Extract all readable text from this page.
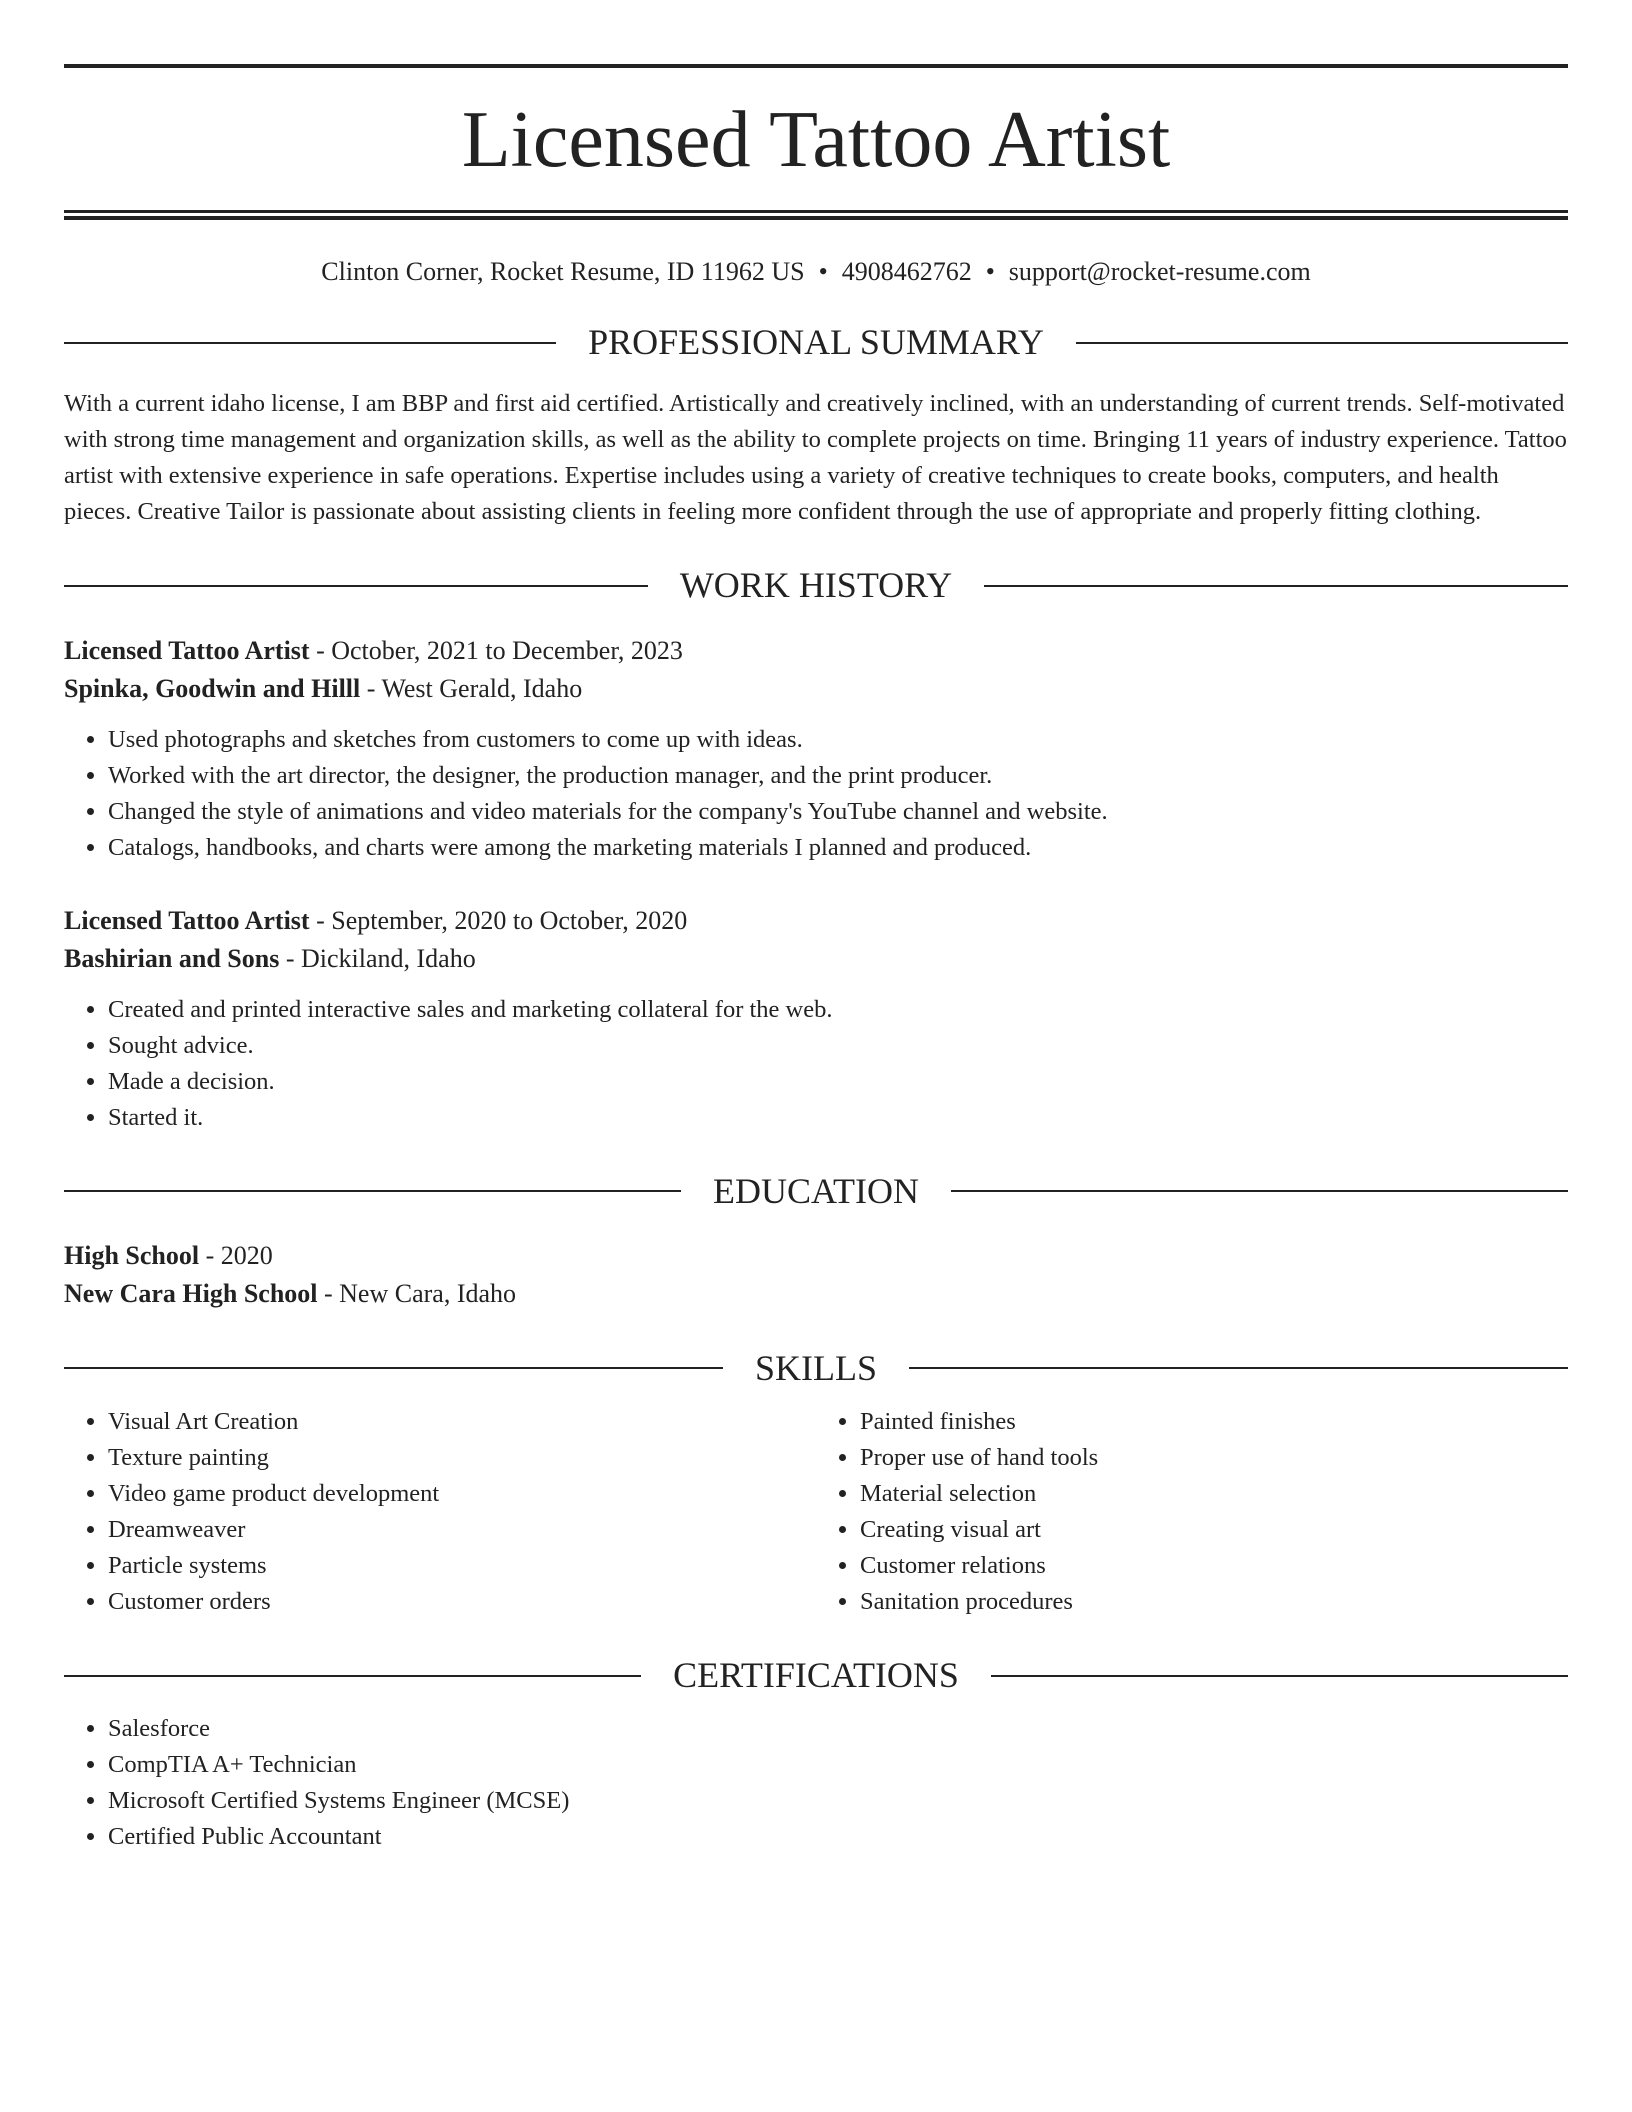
Licensed Tattoo Artist
Clinton Corner, Rocket Resume, ID 11962 US • 4908462762 • support@rocket-resume.com
PROFESSIONAL SUMMARY
With a current idaho license, I am BBP and first aid certified. Artistically and creatively inclined, with an understanding of current trends. Self-motivated with strong time management and organization skills, as well as the ability to complete projects on time. Bringing 11 years of industry experience. Tattoo artist with extensive experience in safe operations. Expertise includes using a variety of creative techniques to create books, computers, and health pieces. Creative Tailor is passionate about assisting clients in feeling more confident through the use of appropriate and properly fitting clothing.
WORK HISTORY
Licensed Tattoo Artist - October, 2021 to December, 2023
Spinka, Goodwin and Hilll - West Gerald, Idaho
• Used photographs and sketches from customers to come up with ideas.
• Worked with the art director, the designer, the production manager, and the print producer.
• Changed the style of animations and video materials for the company's YouTube channel and website.
• Catalogs, handbooks, and charts were among the marketing materials I planned and produced.
Licensed Tattoo Artist - September, 2020 to October, 2020
Bashirian and Sons - Dickiland, Idaho
• Created and printed interactive sales and marketing collateral for the web.
• Sought advice.
• Made a decision.
• Started it.
EDUCATION
High School - 2020
New Cara High School - New Cara, Idaho
SKILLS
• Visual Art Creation
• Texture painting
• Video game product development
• Dreamweaver
• Particle systems
• Customer orders
• Painted finishes
• Proper use of hand tools
• Material selection
• Creating visual art
• Customer relations
• Sanitation procedures
CERTIFICATIONS
• Salesforce
• CompTIA A+ Technician
• Microsoft Certified Systems Engineer (MCSE)
• Certified Public Accountant
